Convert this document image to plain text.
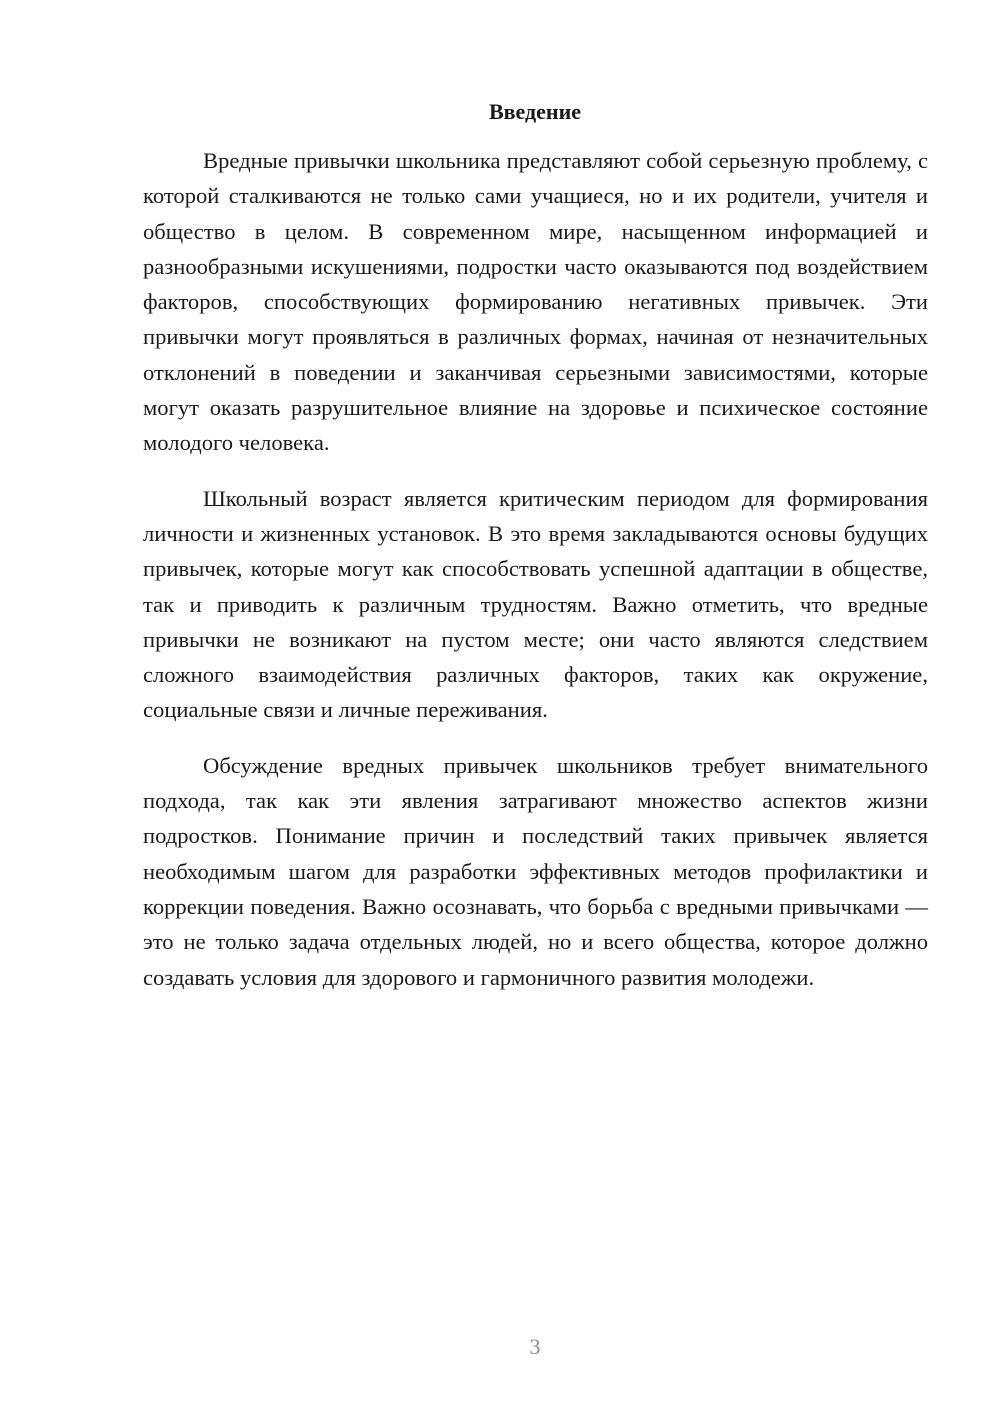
Введение

Вредные привычки школьника представляют собой серьезную проблему, с которой сталкиваются не только сами учащиеся, но и их родители, учителя и общество в целом. В современном мире, насыщенном информацией и разнообразными искушениями, подростки часто оказываются под воздействием факторов, способствующих формированию негативных привычек. Эти привычки могут проявляться в различных формах, начиная от незначительных отклонений в поведении и заканчивая серьезными зависимостями, которые могут оказать разрушительное влияние на здоровье и психическое состояние молодого человека.

Школьный возраст является критическим периодом для формирования личности и жизненных установок. В это время закладываются основы будущих привычек, которые могут как способствовать успешной адаптации в обществе, так и приводить к различным трудностям. Важно отметить, что вредные привычки не возникают на пустом месте; они часто являются следствием сложного взаимодействия различных факторов, таких как окружение, социальные связи и личные переживания.

Обсуждение вредных привычек школьников требует внимательного подхода, так как эти явления затрагивают множество аспектов жизни подростков. Понимание причин и последствий таких привычек является необходимым шагом для разработки эффективных методов профилактики и коррекции поведения. Важно осознавать, что борьба с вредными привычками — это не только задача отдельных людей, но и всего общества, которое должно создавать условия для здорового и гармоничного развития молодежи.

3
